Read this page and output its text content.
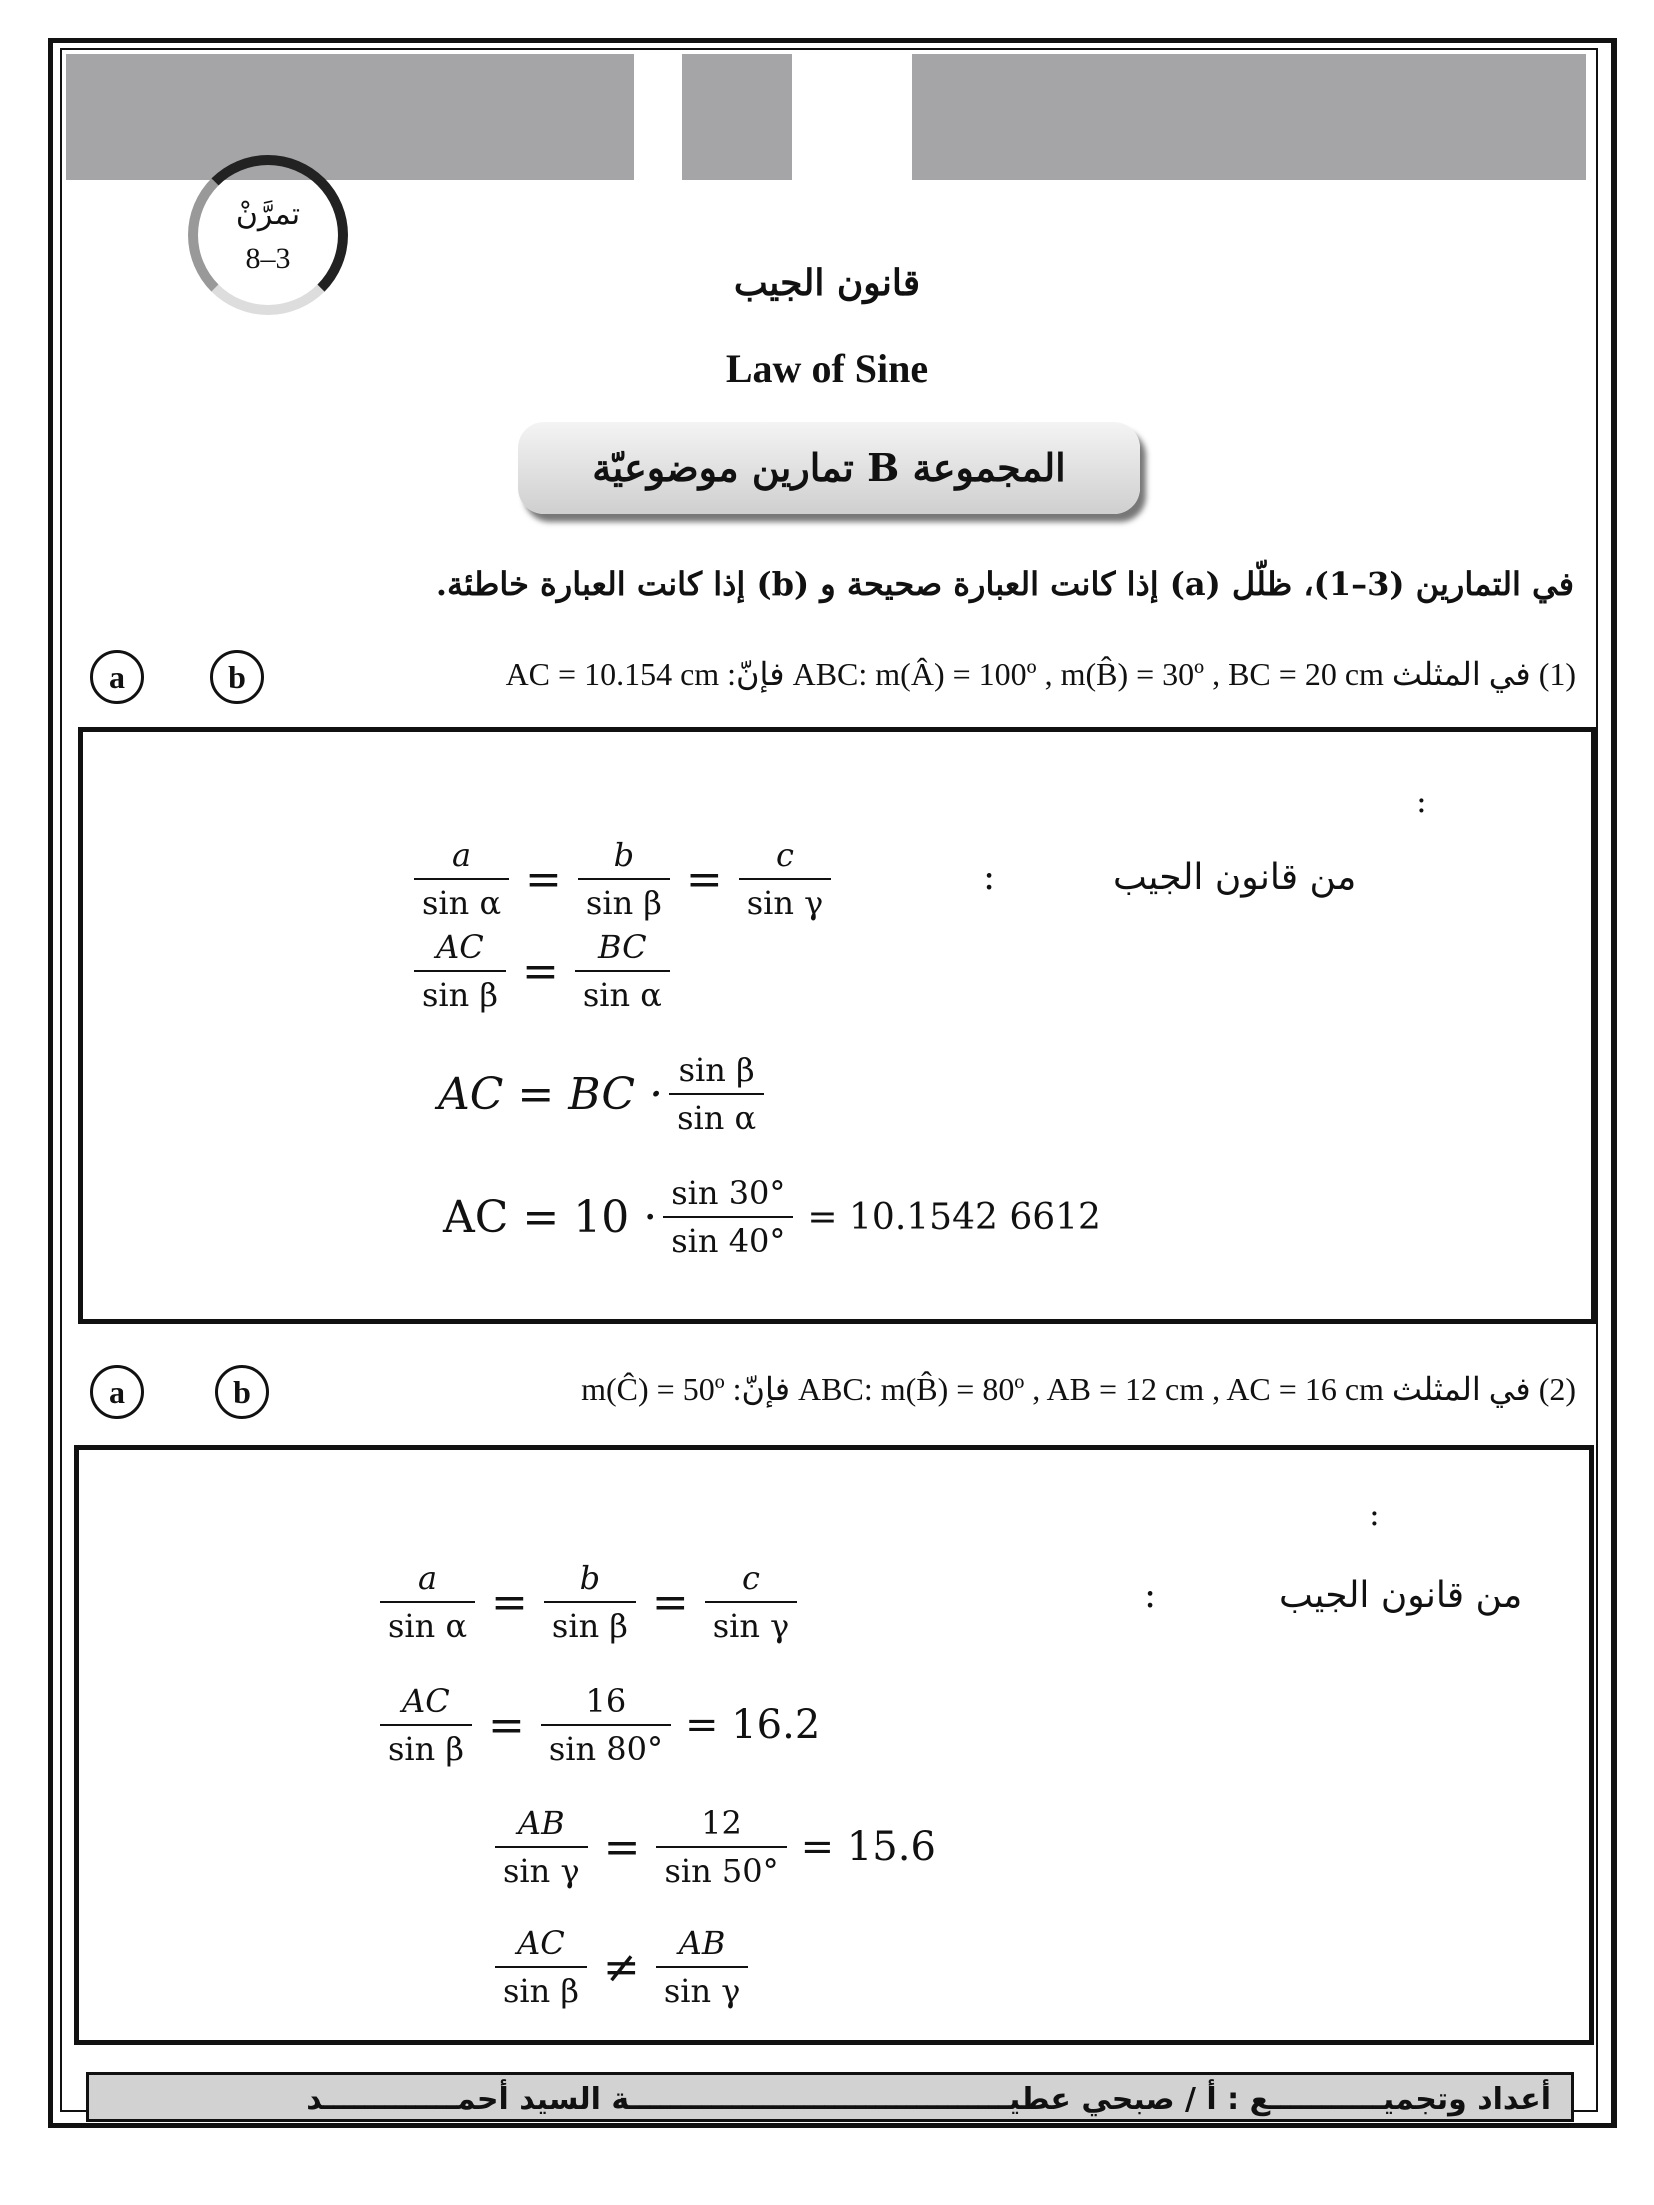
تمرَّنْ
8–3
قانون الجيب
Law of Sine
المجموعة B تمارين موضوعيّة
في التمارين (3–1)، ظلّل (a) إذا كانت العبارة صحيحة و (b) إذا كانت العبارة خاطئة.
a	b	(1) في المثلث ABC: m(Â) = 100º , m(B̂) = 30º , BC = 20 cm فإنّ: AC = 10.154 cm
:
من قانون الجيب
:
$\frac{a}{\text{sin α}} = \frac{b}{\text{sin β}} = \frac{c}{\text{sin γ}}$
$\frac{AC}{\text{sin β}} = \frac{BC}{\text{sin α}}$
AC = BC · $\frac{\text{sin β}}{\text{sin α}}$
AC = $10 \cdot \frac{\sin 30^\circ}{\sin 40^\circ} = 10.1542$ 6612
a	b	(2) في المثلث ABC: m(B̂) = 80º , AB = 12 cm , AC = 16 cm فإنّ: m(Ĉ) = 50º
:
من قانون الجيب
:
$\frac{a}{\text{sin α}} = \frac{b}{\text{sin β}} = \frac{c}{\text{sin γ}}$
$\frac{AC}{\text{sin β}} = \frac{16}{\sin 80^\circ} = 16.2$
$\frac{AB}{\text{sin γ}} = \frac{12}{\sin 50^\circ} = 15.6$
$\frac{AC}{\text{sin β}} \ne \frac{AB}{\text{sin γ}}$
أعداد وتجميـــــــــــع : أ / صبحي عطيـــــــــــــــــــــــــــــــــــــة السيد أحمـــــــــــــد
